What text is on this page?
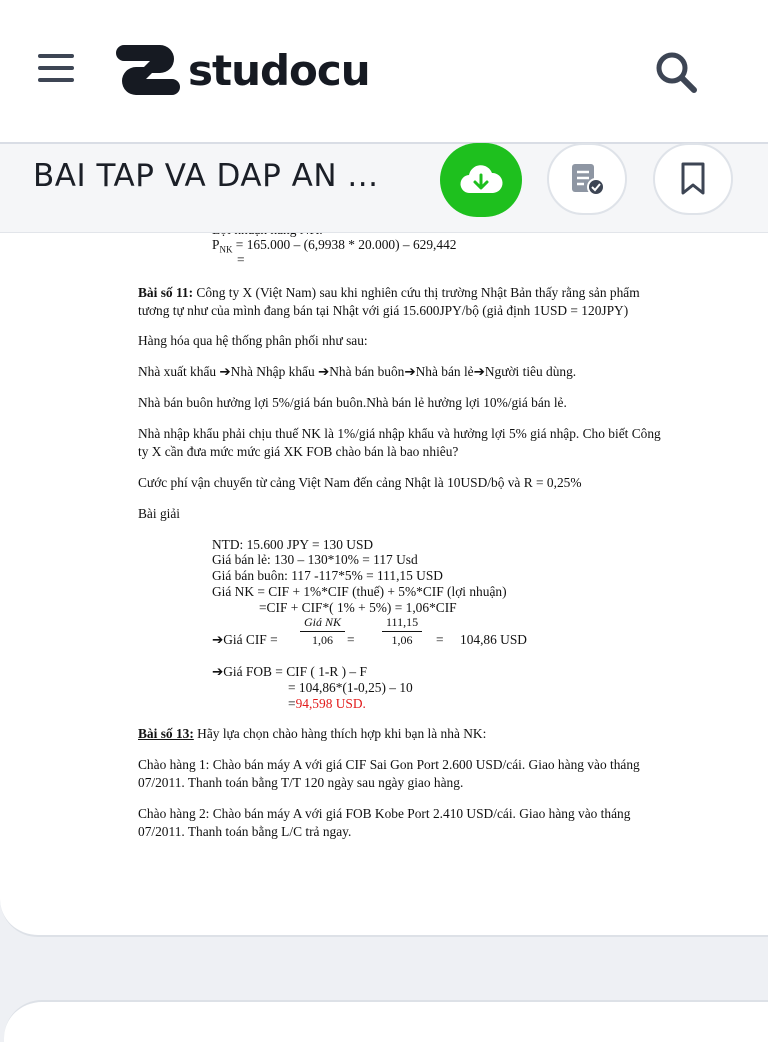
studocu
BAI TAP VA DAP AN ...
$P_{NK} = 165.000 - (6,9938 * 20.000) - 629,442$
=
Bài số 11: Công ty X (Việt Nam) sau khi nghiên cứu thị trường Nhật Bản thấy rằng sản phẩm
tương tự như của mình đang bán tại Nhật với giá 15.600JPY/bộ (giả định 1USD = 120JPY)
Hàng hóa qua hệ thống phân phối như sau:
Nhà xuất khẩu ➔Nhà Nhập khẩu ➔Nhà bán buôn➔Nhà bán lẻ➔Người tiêu dùng.
Nhà bán buôn hưởng lợi 5%/giá bán buôn.Nhà bán lẻ hưởng lợi 10%/giá bán lẻ.
Nhà nhập khẩu phải chịu thuế NK là 1%/giá nhập khẩu và hưởng lợi 5% giá nhập. Cho biết Công
ty X cần đưa mức mức giá XK FOB chào bán là bao nhiêu?
Cước phí vận chuyển từ cảng Việt Nam đến cảng Nhật là 10USD/bộ và R = 0,25%
Bài giải
NTD: 15.600 JPY = 130 USD
Giá bán lẻ: 130 – 130*10% = 117 Usd
Giá bán buôn: 117 -117*5% = 111,15 USD
Giá NK = CIF + 1%*CIF (thuế) + 5%*CIF (lợi nhuận)
=CIF + CIF*( 1% + 5%) = 1,06*CIF
➔Giá CIF =
Giá NK
1,06	= $\frac{111,15}{1,06} = 104,86$ USD
➔Giá FOB = CIF ( 1-R ) – F
= 104,86*(1-0,25) – 10
=94,598 USD.
Bài số 13: Hãy lựa chọn chào hàng thích hợp khi bạn là nhà NK:
Chào hàng 1: Chào bán máy A với giá CIF Sai Gon Port 2.600 USD/cái. Giao hàng vào tháng
07/2011. Thanh toán bằng T/T 120 ngày sau ngày giao hàng.
Chào hàng 2: Chào bán máy A với giá FOB Kobe Port 2.410 USD/cái. Giao hàng vào tháng
07/2011. Thanh toán bằng L/C trả ngay.
